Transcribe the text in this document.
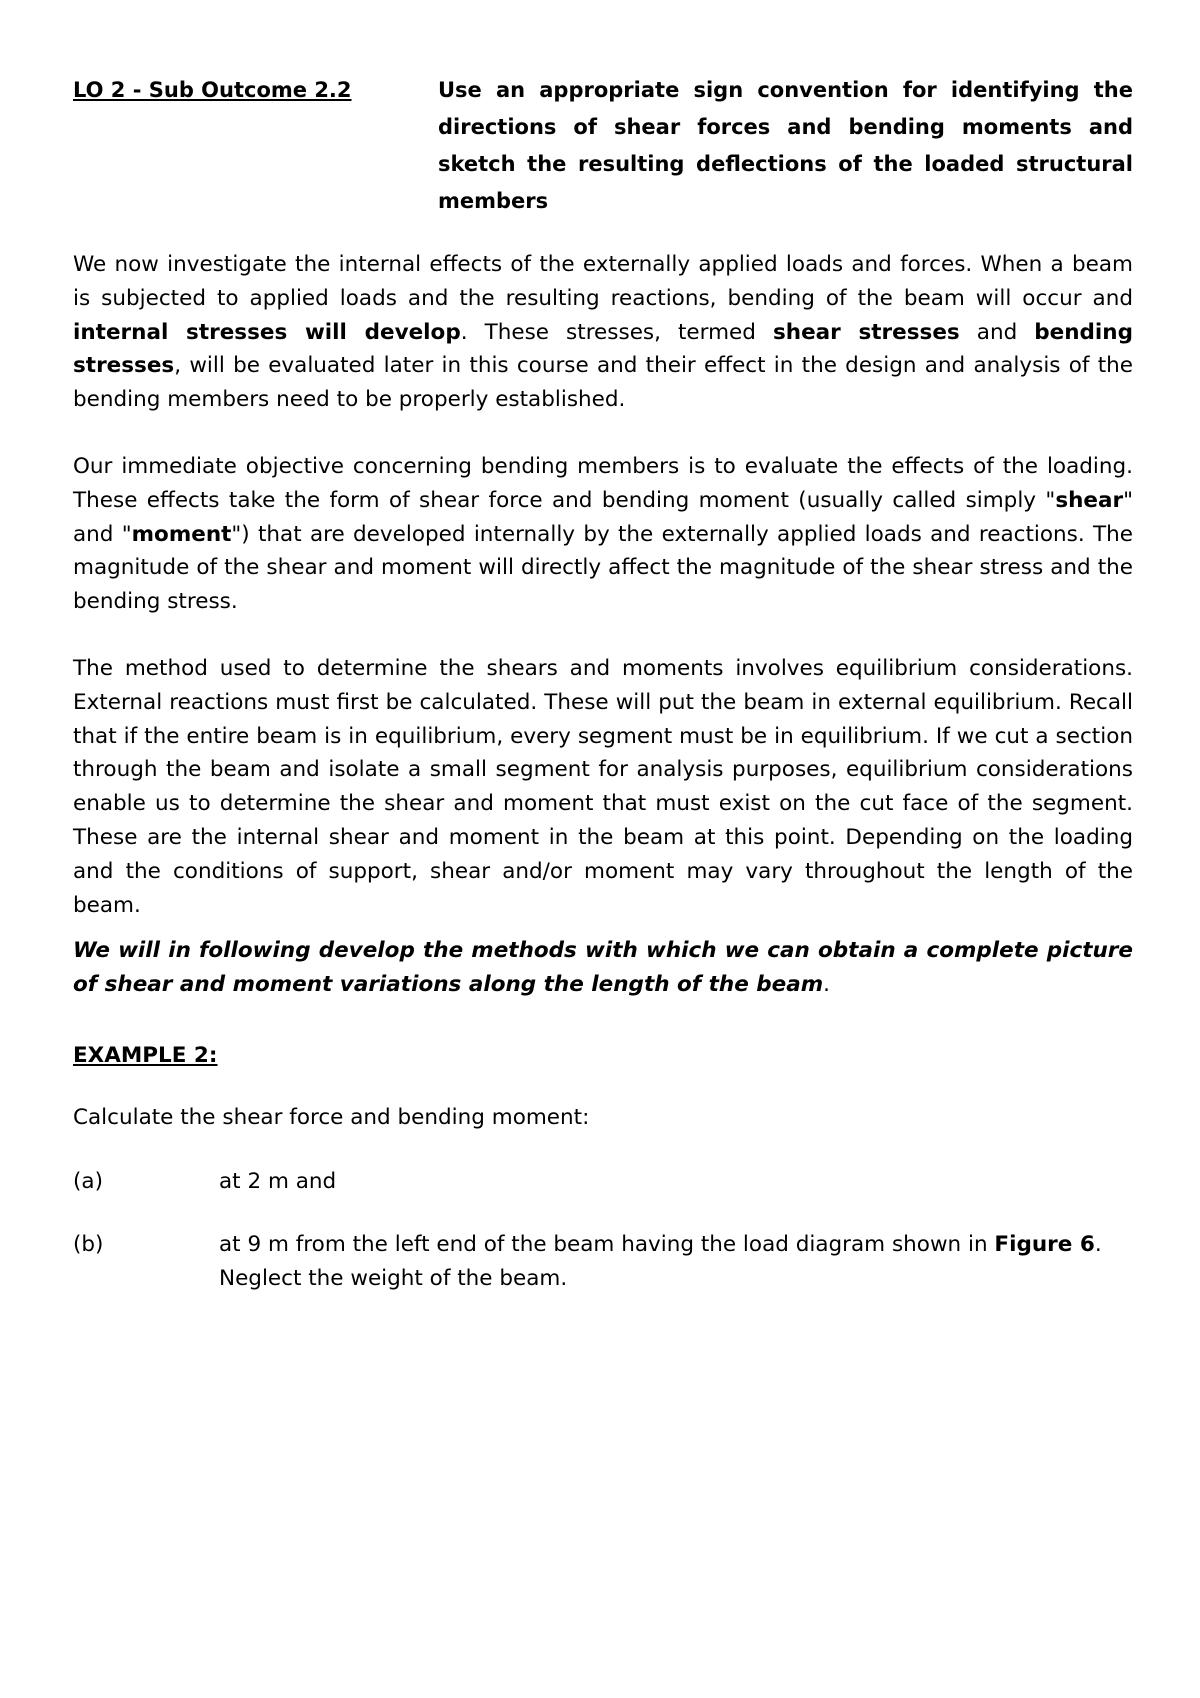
LO 2 - Sub Outcome 2.2	Use an appropriate sign convention for identifying the directions of shear forces and bending moments and sketch the resulting deflections of the loaded structural members

We now investigate the internal effects of the externally applied loads and forces. When a beam is subjected to applied loads and the resulting reactions, bending of the beam will occur and internal stresses will develop. These stresses, termed shear stresses and bending stresses, will be evaluated later in this course and their effect in the design and analysis of the bending members need to be properly established.

Our immediate objective concerning bending members is to evaluate the effects of the loading. These effects take the form of shear force and bending moment (usually called simply "shear" and "moment") that are developed internally by the externally applied loads and reactions. The magnitude of the shear and moment will directly affect the magnitude of the shear stress and the bending stress.

The method used to determine the shears and moments involves equilibrium considerations. External reactions must first be calculated. These will put the beam in external equilibrium. Recall that if the entire beam is in equilibrium, every segment must be in equilibrium. If we cut a section through the beam and isolate a small segment for analysis purposes, equilibrium considerations enable us to determine the shear and moment that must exist on the cut face of the segment. These are the internal shear and moment in the beam at this point. Depending on the loading and the conditions of support, shear and/or moment may vary throughout the length of the beam.

We will in following develop the methods with which we can obtain a complete picture of shear and moment variations along the length of the beam.

EXAMPLE 2:

Calculate the shear force and bending moment:

(a)	at 2 m and
(b)	at 9 m from the left end of the beam having the load diagram shown in Figure 6. Neglect the weight of the beam.
